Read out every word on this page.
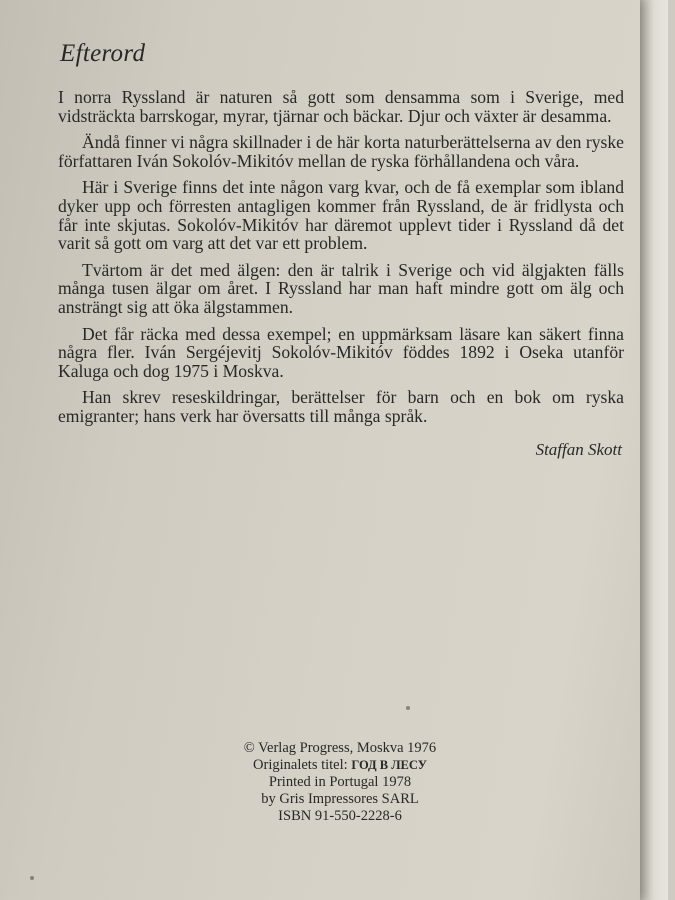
Efterord

I norra Ryssland är naturen så gott som densamma som i Sverige, med vidsträckta barrskogar, myrar, tjärnar och bäckar. Djur och växter är desamma.

Ändå finner vi några skillnader i de här korta naturberättelserna av den ryske författaren Iván Sokolóv-Mikitóv mellan de ryska förhållandena och våra.

Här i Sverige finns det inte någon varg kvar, och de få exemplar som ibland dyker upp och förresten antagligen kommer från Ryssland, de är fridlysta och får inte skjutas. Sokolóv-Mikitóv har däremot upplevt tider i Ryssland då det varit så gott om varg att det var ett problem.

Tvärtom är det med älgen: den är talrik i Sverige och vid älgjakten fälls många tusen älgar om året. I Ryssland har man haft mindre gott om älg och ansträngt sig att öka älgstammen.

Det får räcka med dessa exempel; en uppmärksam läsare kan säkert finna några fler. Iván Sergéjevitj Sokolóv-Mikitóv föddes 1892 i Oseka utanför Kaluga och dog 1975 i Moskva.

Han skrev reseskildringar, berättelser för barn och en bok om ryska emigranter; hans verk har översatts till många språk.

Staffan Skott
© Verlag Progress, Moskva 1976
Originalets titel: ГОД В ЛЕСУ
Printed in Portugal 1978
by Gris Impressores SARL
ISBN 91-550-2228-6
